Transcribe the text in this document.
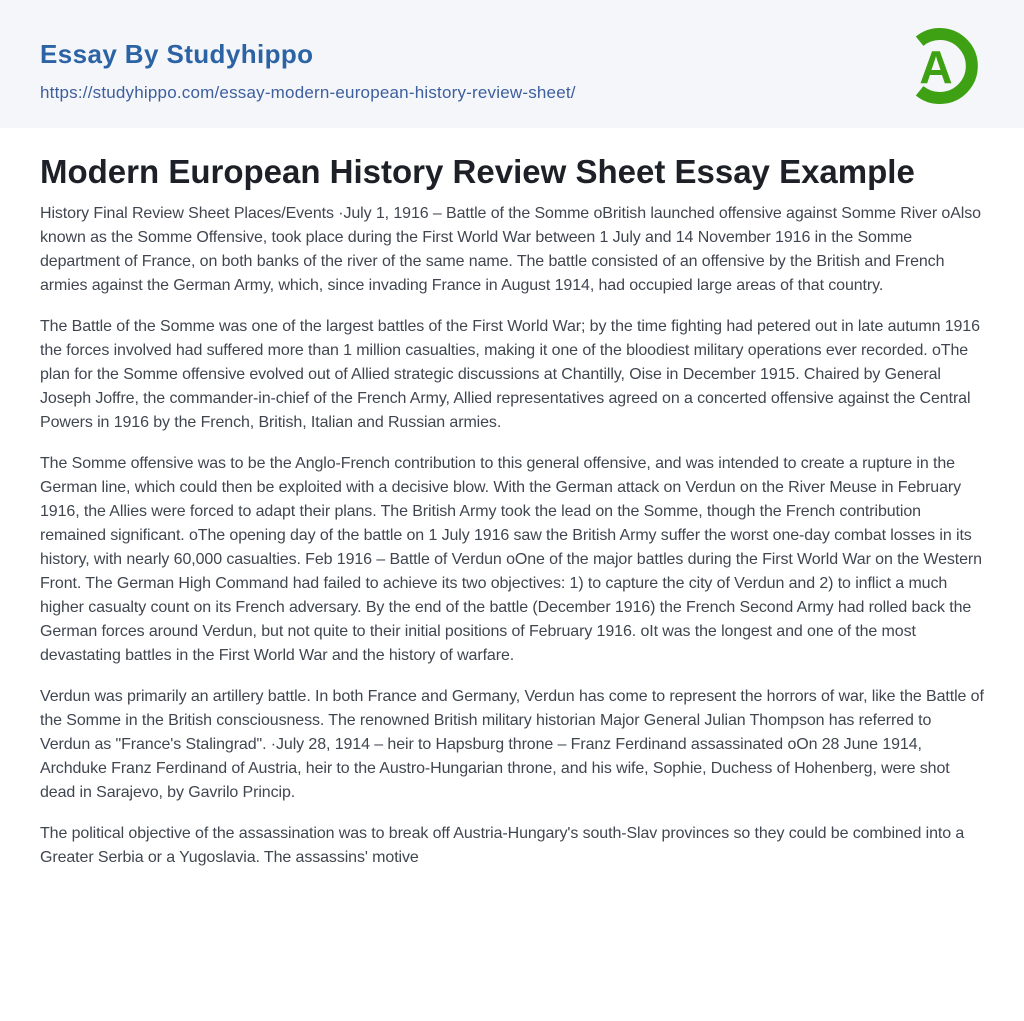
Essay By Studyhippo
https://studyhippo.com/essay-modern-european-history-review-sheet/	A
Modern European History Review Sheet Essay Example

History Final Review Sheet Places/Events ·July 1, 1916 – Battle of the Somme oBritish launched offensive against Somme River oAlso known as the Somme Offensive, took place during the First World War between 1 July and 14 November 1916 in the Somme department of France, on both banks of the river of the same name. The battle consisted of an offensive by the British and French armies against the German Army, which, since invading France in August 1914, had occupied large areas of that country.

The Battle of the Somme was one of the largest battles of the First World War; by the time fighting had petered out in late autumn 1916 the forces involved had suffered more than 1 million casualties, making it one of the bloodiest military operations ever recorded. oThe plan for the Somme offensive evolved out of Allied strategic discussions at Chantilly, Oise in December 1915. Chaired by General Joseph Joffre, the commander-in-chief of the French Army, Allied representatives agreed on a concerted offensive against the Central Powers in 1916 by the French, British, Italian and Russian armies.

The Somme offensive was to be the Anglo-French contribution to this general offensive, and was intended to create a rupture in the German line, which could then be exploited with a decisive blow. With the German attack on Verdun on the River Meuse in February 1916, the Allies were forced to adapt their plans. The British Army took the lead on the Somme, though the French contribution remained significant. oThe opening day of the battle on 1 July 1916 saw the British Army suffer the worst one-day combat losses in its history, with nearly 60,000 casualties. Feb 1916 – Battle of Verdun oOne of the major battles during the First World War on the Western Front. The German High Command had failed to achieve its two objectives: 1) to capture the city of Verdun and 2) to inflict a much higher casualty count on its French adversary. By the end of the battle (December 1916) the French Second Army had rolled back the German forces around Verdun, but not quite to their initial positions of February 1916. oIt was the longest and one of the most devastating battles in the First World War and the history of warfare.

Verdun was primarily an artillery battle. In both France and Germany, Verdun has come to represent the horrors of war, like the Battle of the Somme in the British consciousness. The renowned British military historian Major General Julian Thompson has referred to Verdun as "France's Stalingrad". ·July 28, 1914 – heir to Hapsburg throne – Franz Ferdinand assassinated oOn 28 June 1914, Archduke Franz Ferdinand of Austria, heir to the Austro-Hungarian throne, and his wife, Sophie, Duchess of Hohenberg, were shot dead in Sarajevo, by Gavrilo Princip.

The political objective of the assassination was to break off Austria-Hungary's south-Slav provinces so they could be combined into a Greater Serbia or a Yugoslavia. The assassins' motive
